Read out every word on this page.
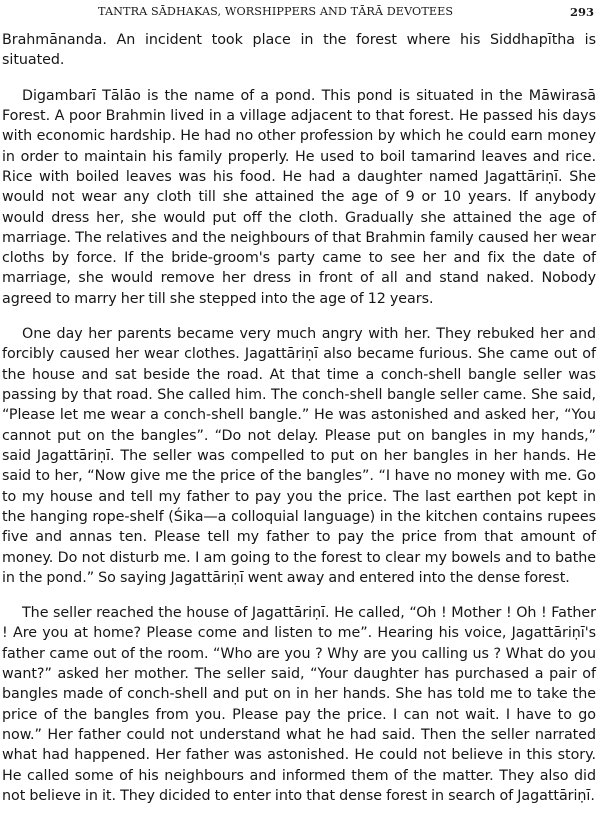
TANTRA SĀDHAKAS, WORSHIPPERS AND TĀRĀ DEVOTEES	293

Brahmānanda. An incident took place in the forest where his Siddhapītha is situated.

Digambarī Tālāo is the name of a pond. This pond is situated in the Māwirasā Forest. A poor Brahmin lived in a village adjacent to that forest. He passed his days with economic hardship. He had no other profession by which he could earn money in order to maintain his family properly. He used to boil tamarind leaves and rice. Rice with boiled leaves was his food. He had a daughter named Jagattāriṇī. She would not wear any cloth till she attained the age of 9 or 10 years. If anybody would dress her, she would put off the cloth. Gradually she attained the age of marriage. The relatives and the neighbours of that Brahmin family caused her wear cloths by force. If the bride-groom's party came to see her and fix the date of marriage, she would remove her dress in front of all and stand naked. Nobody agreed to marry her till she stepped into the age of 12 years.

One day her parents became very much angry with her. They rebuked her and forcibly caused her wear clothes. Jagattāriṇī also became furious. She came out of the house and sat beside the road. At that time a conch-shell bangle seller was passing by that road. She called him. The conch-shell bangle seller came. She said, “Please let me wear a conch-shell bangle.” He was astonished and asked her, “You cannot put on the bangles”. “Do not delay. Please put on bangles in my hands,” said Jagattāriṇī. The seller was compelled to put on her bangles in her hands. He said to her, “Now give me the price of the bangles”. “I have no money with me. Go to my house and tell my father to pay you the price. The last earthen pot kept in the hanging rope-shelf (Śika—a colloquial language) in the kitchen contains rupees five and annas ten. Please tell my father to pay the price from that amount of money. Do not disturb me. I am going to the forest to clear my bowels and to bathe in the pond.” So saying Jagattāriṇī went away and entered into the dense forest.

The seller reached the house of Jagattāriṇī. He called, “Oh ! Mother ! Oh ! Father ! Are you at home? Please come and listen to me”. Hearing his voice, Jagattāriṇī's father came out of the room. “Who are you ? Why are you calling us ? What do you want?” asked her mother. The seller said, “Your daughter has purchased a pair of bangles made of conch-shell and put on in her hands. She has told me to take the price of the bangles from you. Please pay the price. I can not wait. I have to go now.” Her father could not understand what he had said. Then the seller narrated what had happened. Her father was astonished. He could not believe in this story. He called some of his neighbours and informed them of the matter. They also did not believe in it. They dicided to enter into that dense forest in search of Jagattāriṇī.
